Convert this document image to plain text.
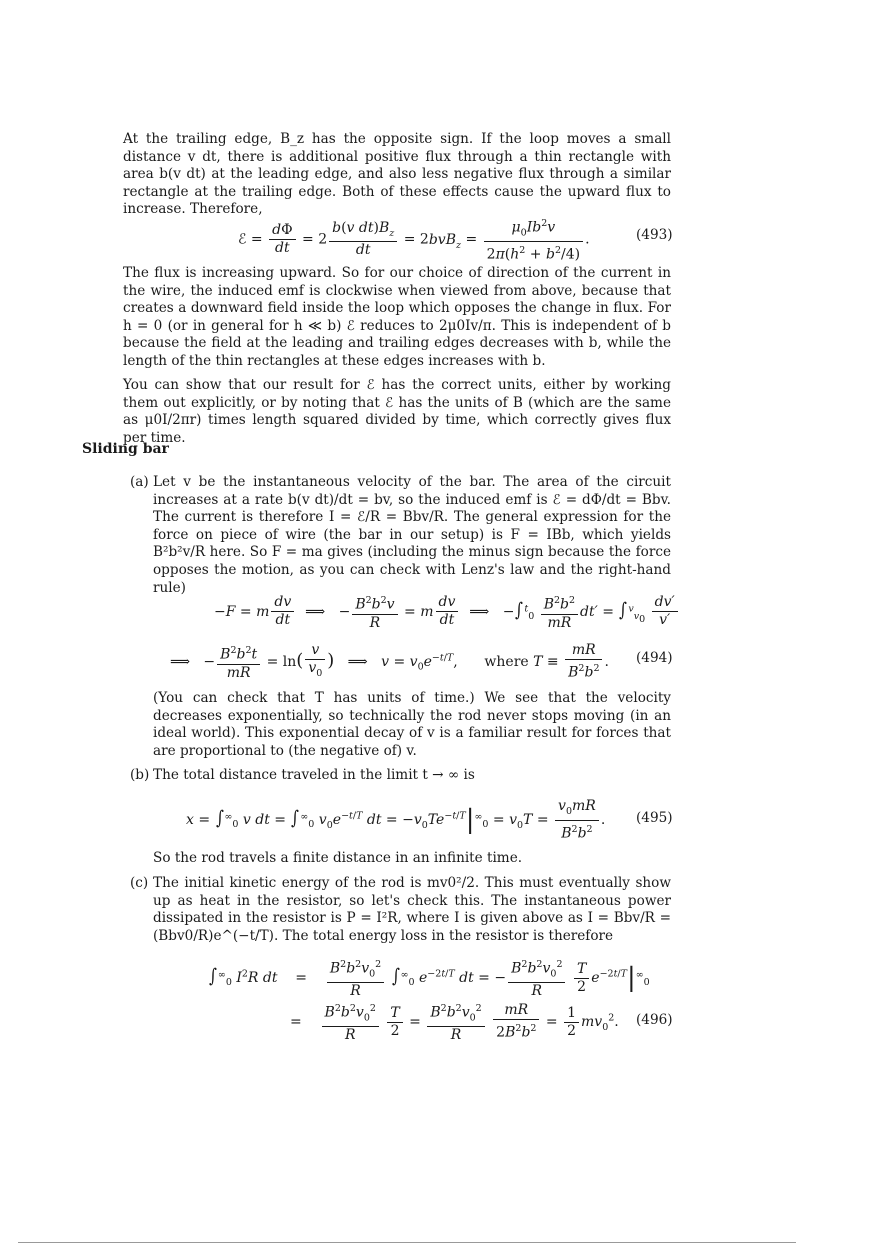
At the trailing edge, B_z has the opposite sign. If the loop moves a small distance v dt, there is additional positive flux through a thin rectangle with area b(v dt) at the leading edge, and also less negative flux through a similar rectangle at the trailing edge. Both of these effects cause the upward flux to increase. Therefore,

ℰ = $\frac{d\Phi}{dt} = 2 \frac{b(v dt)B_z}{dt} = 2bvB_z = \frac{\mu_0Ib^2v}{2\pi(h^2 + b^2/4)}$ .	(493)

The flux is increasing upward. So for our choice of direction of the current in the wire, the induced emf is clockwise when viewed from above, because that creates a downward field inside the loop which opposes the change in flux. For h = 0 (or in general for h ≪ b) ℰ reduces to 2μ0Iv/π. This is independent of b because the field at the leading and trailing edges decreases with b, while the length of the thin rectangles at these edges increases with b.

You can show that our result for ℰ has the correct units, either by working them out explicitly, or by noting that ℰ has the units of B (which are the same as μ0I/2πr) times length squared divided by time, which correctly gives flux per time.

Sliding bar
(a) Let v be the instantaneous velocity of the bar. The area of the circuit increases at a rate b(v dt)/dt = bv, so the induced emf is ℰ = dΦ/dt = Bbv. The current is therefore I = ℰ/R = Bbv/R. The general expression for the force on piece of wire (the bar in our setup) is F = IBb, which yields B²b²v/R here. So F = ma gives (including the minus sign because the force opposes the motion, as you can check with Lenz's law and the right-hand rule)
−F = m $\frac{dv}{dt}$ ⟹   − $\frac{B^2b^2v}{R} = m \frac{dv}{dt}$ ⟹   $-\int^t_0 \frac{B^2b^2}{mR} dt' = \int^v_{v_0} \frac{dv'}{v'}$
⟹   − $\frac{B^2b^2t}{mR} = \ln( \frac{v}{v_0}$ )   ⟹   $v = v_0e^{-t/T}$,      where $T \equiv \frac{mR}{B^2b^2}$ . (494)

(You can check that T has units of time.) We see that the velocity decreases exponentially, so technically the rod never stops moving (in an ideal world). This exponential decay of v is a familiar result for forces that are proportional to (the negative of) v.

(b) The total distance traveled in the limit t → ∞ is
$x = \int^\infty_0$ v dt = $\int^\infty_0$ $v_0e^{-t/T}$ dt = $-v_0Te^{-t/T}|^\infty_0 = v_0T = \frac{v_0mR}{B^2b^2}$ . (495)

So the rod travels a finite distance in an infinite time.

(c) The initial kinetic energy of the rod is mv0²/2. This must eventually show up as heat in the resistor, so let's check this. The instantaneous power dissipated in the resistor is P = I²R, where I is given above as I = Bbv/R = (Bbv0/R)e^(−t/T). The total energy loss in the resistor is therefore
$\int^\infty_0$ $I^2R$ dt    = $\frac{B^2b^2v_0^2}{R} \int^\infty_0$ $e^{-2t/T}$ dt = − $\frac{B^2b^2v_0^2}{R}$
$\frac{T}{2} e^{-2t/T}|^\infty_0$
= $\frac{B^2b^2v_0^2}{R}$
$\frac{T}{2} = \frac{B^2b^2v_0^2}{R}$
$\frac{mR}{2B^2b^2} = \frac{1}{2} mv_0^2$. (496)
